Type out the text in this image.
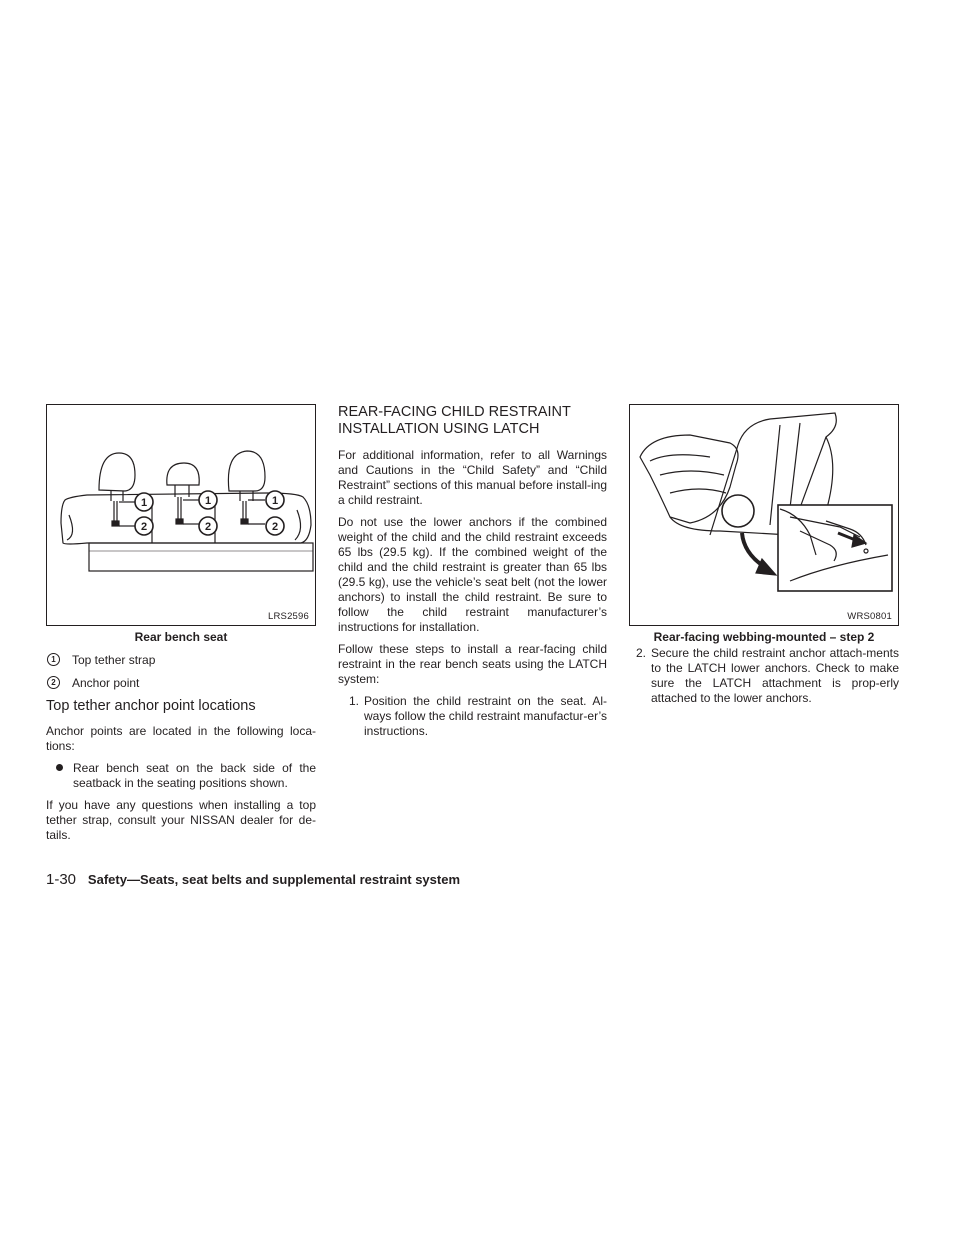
1
2
1
2
1
2
LRS2596
Rear bench seat
1	Top tether strap
2	Anchor point
Top tether anchor point locations

Anchor points are located in the following loca-tions:

Rear bench seat on the back side of the seatback in the seating positions shown.

If you have any questions when installing a top tether strap, consult your NISSAN dealer for de-tails.

REAR-FACING CHILD RESTRAINT INSTALLATION USING LATCH

For additional information, refer to all Warnings and Cautions in the “Child Safety” and “Child Restraint” sections of this manual before install-ing a child restraint.

Do not use the lower anchors if the combined weight of the child and the child restraint exceeds 65 lbs (29.5 kg). If the combined weight of the child and the child restraint is greater than 65 lbs (29.5 kg), use the vehicle’s seat belt (not the lower anchors) to install the child restraint. Be sure to follow the child restraint manufacturer’s instructions for installation.

Follow these steps to install a rear-facing child restraint in the rear bench seats using the LATCH system:

1. Position the child restraint on the seat. Al-ways follow the child restraint manufactur-er’s instructions.
WRS0801
Rear-facing webbing-mounted – step 2
2. Secure the child restraint anchor attach-ments to the LATCH lower anchors. Check to make sure the LATCH attachment is prop-erly attached to the lower anchors.
1-30 Safety—Seats, seat belts and supplemental restraint system
